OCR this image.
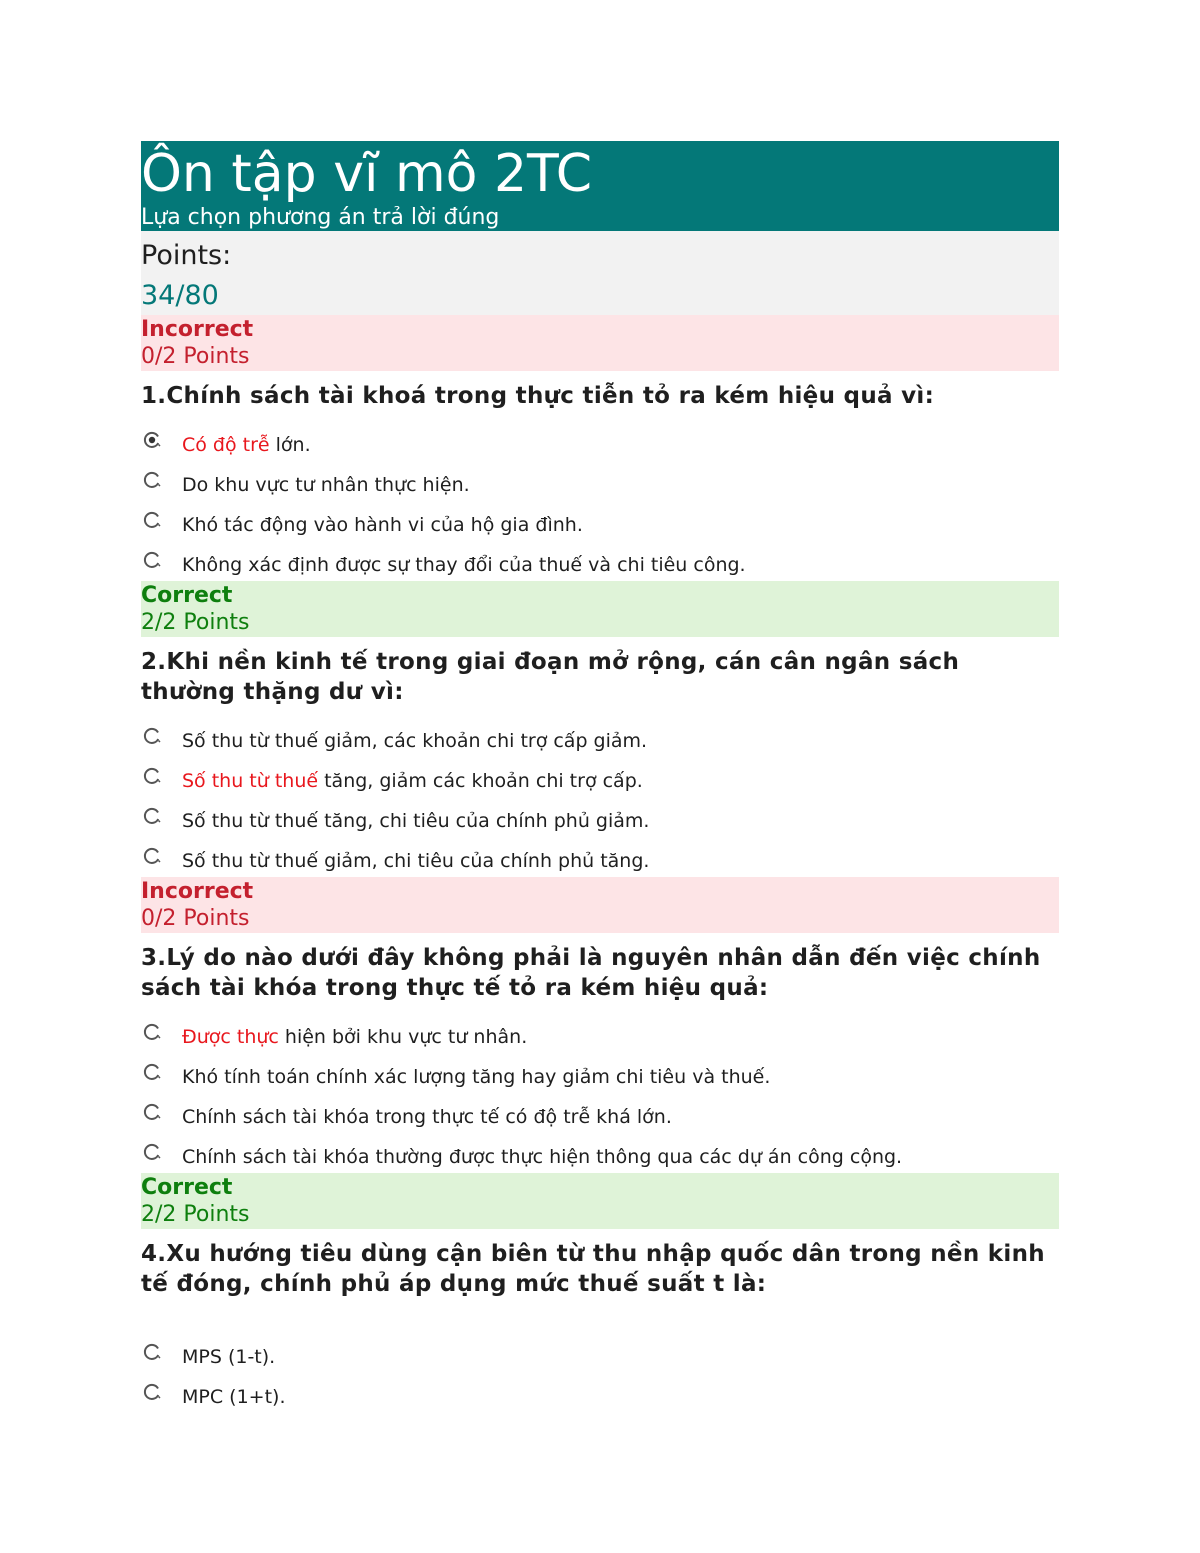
Ôn tập vĩ mô 2TC
Lựa chọn phương án trả lời đúng
Points:
34/80
Incorrect
0/2 Points
1.Chính sách tài khoá trong thực tiễn tỏ ra kém hiệu quả vì:
Có độ trễ lớn.
Do khu vực tư nhân thực hiện.
Khó tác động vào hành vi của hộ gia đình.
Không xác định được sự thay đổi của thuế và chi tiêu công.
Correct
2/2 Points
2.Khi nền kinh tế trong giai đoạn mở rộng, cán cân ngân sách thường thặng dư vì:
Số thu từ thuế giảm, các khoản chi trợ cấp giảm.
Số thu từ thuế tăng, giảm các khoản chi trợ cấp.
Số thu từ thuế tăng, chi tiêu của chính phủ giảm.
Số thu từ thuế giảm, chi tiêu của chính phủ tăng.
Incorrect
0/2 Points
3.Lý do nào dưới đây không phải là nguyên nhân dẫn đến việc chính sách tài khóa trong thực tế tỏ ra kém hiệu quả:
Được thực hiện bởi khu vực tư nhân.
Khó tính toán chính xác lượng tăng hay giảm chi tiêu và thuế.
Chính sách tài khóa trong thực tế có độ trễ khá lớn.
Chính sách tài khóa thường được thực hiện thông qua các dự án công cộng.
Correct
2/2 Points
4.Xu hướng tiêu dùng cận biên từ thu nhập quốc dân trong nền kinh tế đóng, chính phủ áp dụng mức thuế suất t là:
MPS (1-t).
MPC (1+t).
